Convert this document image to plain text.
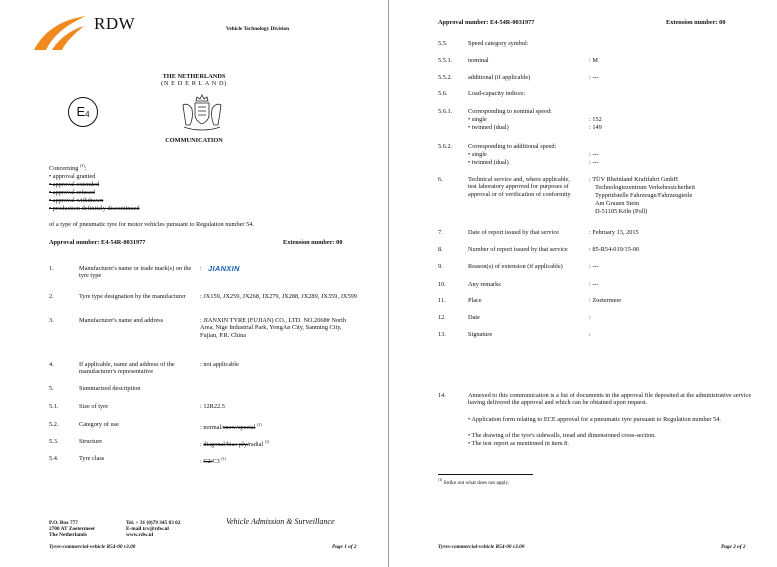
RDW	Vehicle Technology Division
THE NETHERLANDS
(N E D E R L A N D)
$E_4$
COMMUNICATION
Concerning $^{(1)}$:
• approval granted
• approval extended
• approval refused
• approval withdrawn
• production definitely discontinued
of a type of pneumatic tyre for motor vehicles pursuant to Regulation number 54.
Approval number: E4-54R-0031977	Extension number: 00
1.	Manufacturer's name or trade mark(s) on the tyre type
: JIANXIN
2.	Tyre type designation by the manufacturer	: JX159, JX259, JX268, JX279, JX288, JX289, JX359, JX599
3.	Manufacturer's name and address	: JIANXIN TYRE (FUJIAN) CO., LTD. NO.2068# North Area, Nige Industrial Park, YongAn City, Sanming City, Fujian, P.R. China
4.	If applicable, name and address of the manufacturer's representative
: not applicable
5.	Summarized description
5.1.	Size of tyre	: 12R22.5
5.2.	Category of use	: normal/snow/special $^{(1)}$
5.3.	Structure	: diagonal/bias-ply/radial $^{(1)}$
5.4.	Tyre class	: C2/C3 $^{(1)}$
P.O. Box 777
2700 AT Zoetermeer
The Netherlands
Tel. + 31 (0)79 345 83 02
E-mail tcv@rdw.nl
www.rdw.nl
Vehicle Admission & Surveillance
Tyres-commercial-vehicle R54-00 v3.00	Page 1 of 2
Approval number: E4-54R-0031977	Extension number: 00
5.5.	Speed category symbol:
5.5.1.	nominal	: M
5.5.2.	additional (if applicable)	: ---
5.6.	Load-capacity indices:
5.6.1.	Corresponding to nominal speed:
• single	: 152
• twinned (dual)	: 149
5.6.2.	Corresponding to additional speed:
• single	: ---
• twinned (dual)	: ---
6.	Technical service and, where applicable, test laboratory approved for purposes of approval or of verification of conformity
: TÜV Rheinland Kraftfahrt GmbH
Technologiezentrum Verkehrssicherheit
Typprüfstelle Fahrzeuge/Fahrzeugteile
Am Grauen Stein
D-51105 Köln (Poll)
7.	Date of report issued by that service	: February 13, 2015
8.	Number of report issued by that service	: 85-R54-019/15-00
9.	Reason(s) of extension (if applicable)	: ---
10.	Any remarks	: ---
11.	Place	: Zoetermeer
12.	Date	:
13.	Signature	:
14.	Annexed to this communication is a list of documents in the approval file deposited at the administrative service having delivered the approval and which can be obtained upon request.
• Application form relating to ECE approval for a pneumatic tyre pursuant to Regulation number 54.
• The drawing of the tyre's sidewalls, tread and dimensioned cross-section.
• The test report as mentioned in item 8.
$^{(1)}$ Strike out what does not apply.
Tyres-commercial-vehicle R54-00 v3.00	Page 2 of 2
